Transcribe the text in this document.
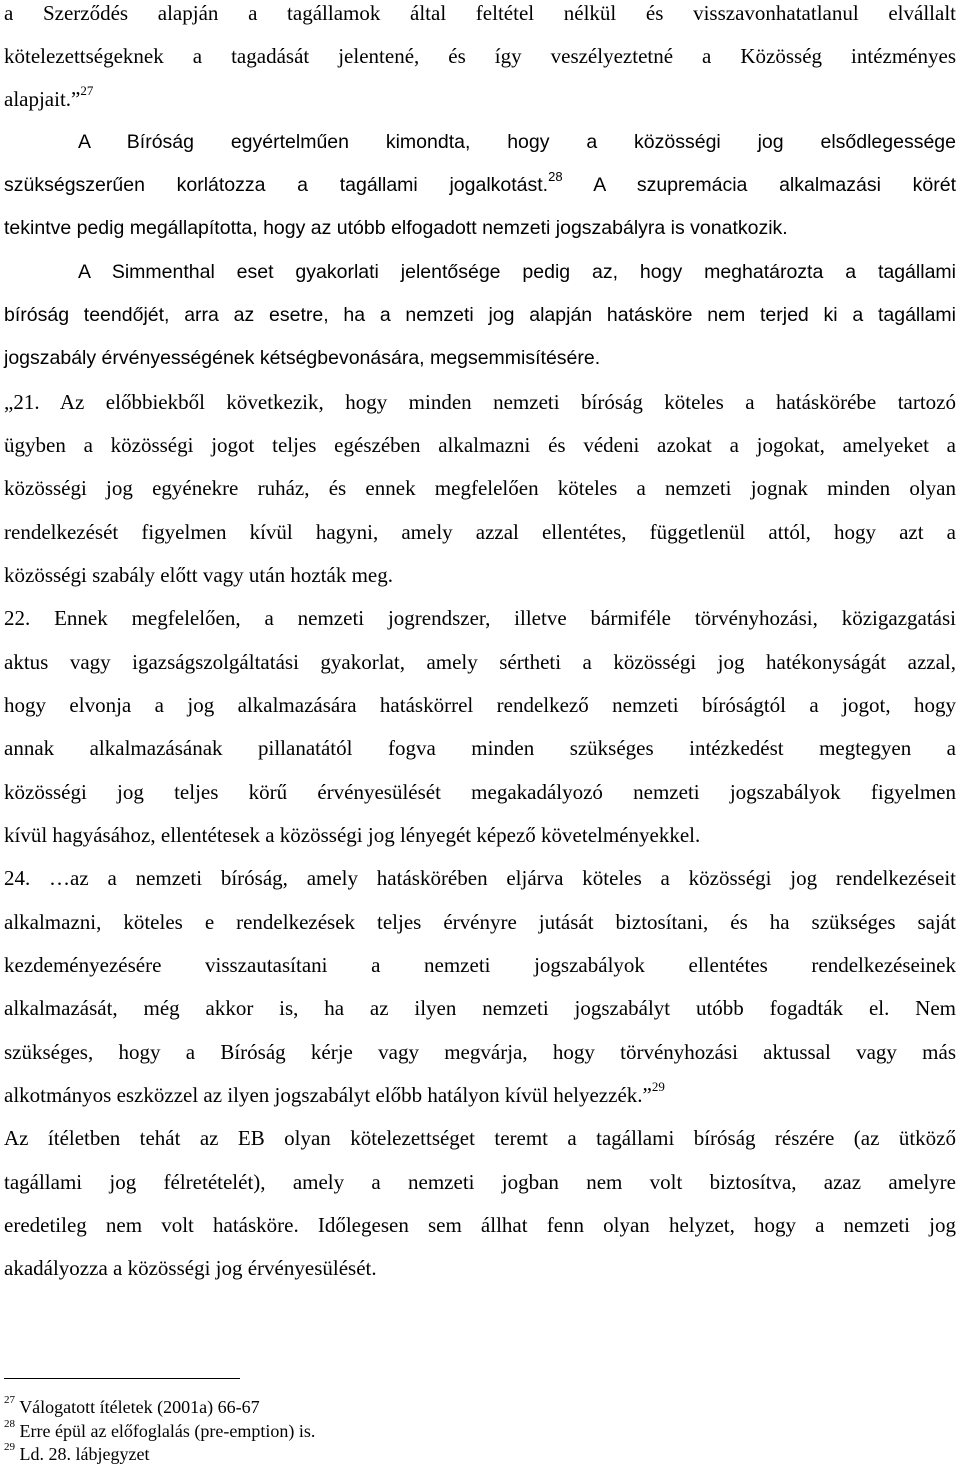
a Szerződés alapján a tagállamok által feltétel nélkül és visszavonhatatlanul elvállalt
kötelezettségeknek a tagadását jelentené, és így veszélyeztetné a Közösség intézményes
alapjait.”$^{27}$
A Bíróság egyértelműen kimondta, hogy a közösségi jog elsődlegessége
szükségszerűen korlátozza a tagállami jogalkotást.$^{28}$ A szupremácia alkalmazási körét
tekintve pedig megállapította, hogy az utóbb elfogadott nemzeti jogszabályra is vonatkozik.
A Simmenthal eset gyakorlati jelentősége pedig az, hogy meghatározta a tagállami
bíróság teendőjét, arra az esetre, ha a nemzeti jog alapján hatásköre nem terjed ki a tagállami
jogszabály érvényességének kétségbevonására, megsemmisítésére.
„21. Az előbbiekből következik, hogy minden nemzeti bíróság köteles a hatáskörébe tartozó
ügyben a közösségi jogot teljes egészében alkalmazni és védeni azokat a jogokat, amelyeket a
közösségi jog egyénekre ruház, és ennek megfelelően köteles a nemzeti jognak minden olyan
rendelkezését figyelmen kívül hagyni, amely azzal ellentétes, függetlenül attól, hogy azt a
közösségi szabály előtt vagy után hozták meg.
22. Ennek megfelelően, a nemzeti jogrendszer, illetve bármiféle törvényhozási, közigazgatási
aktus vagy igazságszolgáltatási gyakorlat, amely sértheti a közösségi jog hatékonyságát azzal,
hogy elvonja a jog alkalmazására hatáskörrel rendelkező nemzeti bíróságtól a jogot, hogy
annak alkalmazásának pillanatától fogva minden szükséges intézkedést megtegyen a
közösségi jog teljes körű érvényesülését megakadályozó nemzeti jogszabályok figyelmen
kívül hagyásához, ellentétesek a közösségi jog lényegét képező követelményekkel.
24. …az a nemzeti bíróság, amely hatáskörében eljárva köteles a közösségi jog rendelkezéseit
alkalmazni, köteles e rendelkezések teljes érvényre jutását biztosítani, és ha szükséges saját
kezdeményezésére visszautasítani a nemzeti jogszabályok ellentétes rendelkezéseinek
alkalmazását, még akkor is, ha az ilyen nemzeti jogszabályt utóbb fogadták el. Nem
szükséges, hogy a Bíróság kérje vagy megvárja, hogy törvényhozási aktussal vagy más
alkotmányos eszközzel az ilyen jogszabályt előbb hatályon kívül helyezzék.”$^{29}$
Az ítéletben tehát az EB olyan kötelezettséget teremt a tagállami bíróság részére (az ütköző
tagállami jog félretételét), amely a nemzeti jogban nem volt biztosítva, azaz amelyre
eredetileg nem volt hatásköre. Időlegesen sem állhat fenn olyan helyzet, hogy a nemzeti jog
akadályozza a közösségi jog érvényesülését.
$^{27}$ Válogatott ítéletek (2001a) 66-67
$^{28}$ Erre épül az előfoglalás (pre-emption) is.
$^{29}$ Ld. 28. lábjegyzet
